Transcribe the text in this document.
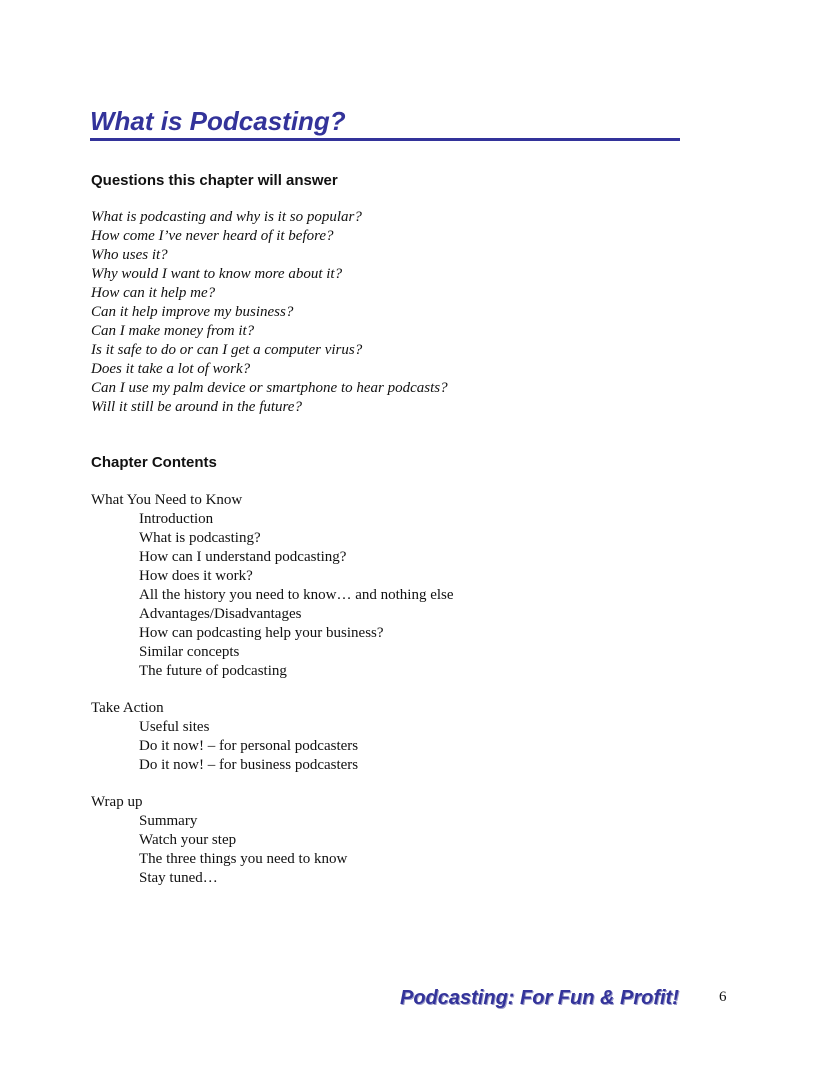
What is Podcasting?
Questions this chapter will answer
What is podcasting and why is it so popular?
How come I’ve never heard of it before?
Who uses it?
Why would I want to know more about it?
How can it help me?
Can it help improve my business?
Can I make money from it?
Is it safe to do or can I get a computer virus?
Does it take a lot of work?
Can I use my palm device or smartphone to hear podcasts?
Will it still be around in the future?
Chapter Contents
What You Need to Know
Introduction
What is podcasting?
How can I understand podcasting?
How does it work?
All the history you need to know… and nothing else
Advantages/Disadvantages
How can podcasting help your business?
Similar concepts
The future of podcasting
Take Action
Useful sites
Do it now! – for personal podcasters
Do it now! – for business podcasters
Wrap up
Summary
Watch your step
The three things you need to know
Stay tuned…
Podcasting: For Fun & Profit!	6
